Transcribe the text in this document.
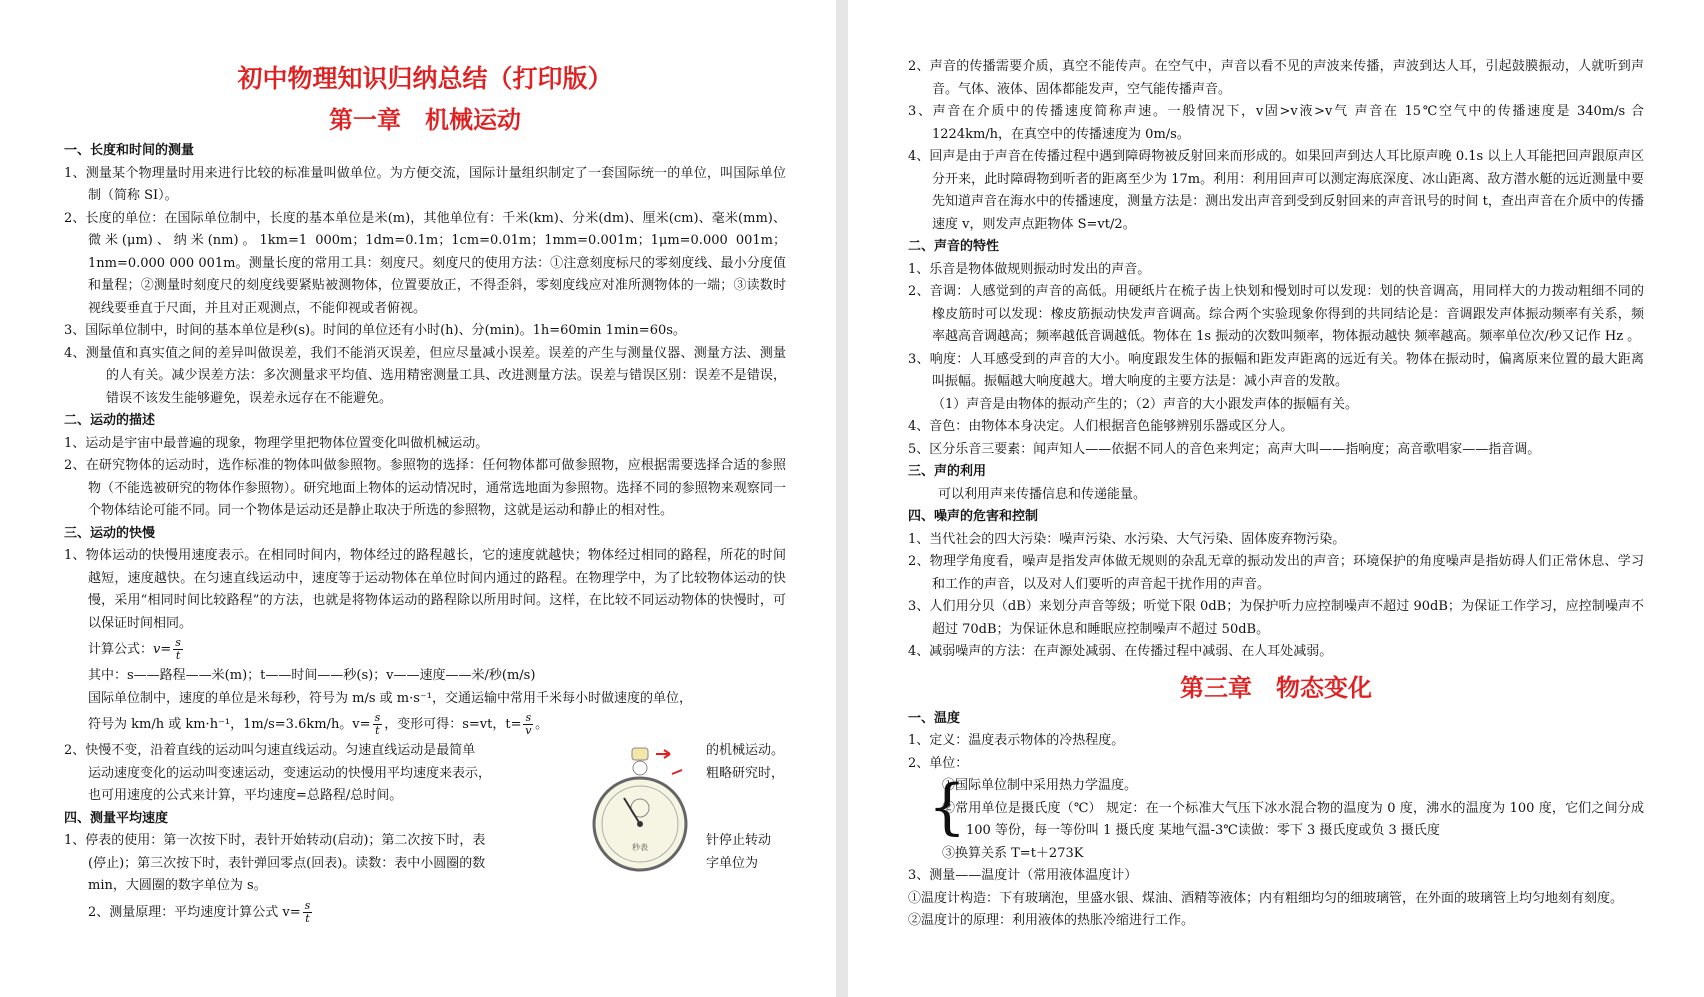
初中物理知识归纳总结（打印版）
第一章　机械运动
一、长度和时间的测量
1、测量某个物理量时用来进行比较的标准量叫做单位。为方便交流，国际计量组织制定了一套国际统一的单位，叫国际单位制（简称 SI）。
2、长度的单位：在国际单位制中，长度的基本单位是米(m)，其他单位有：千米(km)、分米(dm)、厘米(cm)、毫米(mm)、微米(μm)、纳米(nm)。1km=1 000m；1dm=0.1m；1cm=0.01m；1mm=0.001m；1μm=0.000 001m；1nm=0.000 000 001m。测量长度的常用工具：刻度尺。刻度尺的使用方法：①注意刻度标尺的零刻度线、最小分度值和量程；②测量时刻度尺的刻度线要紧贴被测物体，位置要放正，不得歪斜，零刻度线应对准所测物体的一端；③读数时视线要垂直于尺面，并且对正观测点，不能仰视或者俯视。
3、国际单位制中，时间的基本单位是秒(s)。时间的单位还有小时(h)、分(min)。1h=60min 1min=60s。
4、测量值和真实值之间的差异叫做误差，我们不能消灭误差，但应尽量减小误差。误差的产生与测量仪器、测量方法、测量的人有关。减少误差方法：多次测量求平均值、选用精密测量工具、改进测量方法。误差与错误区别：误差不是错误，错误不该发生能够避免，误差永远存在不能避免。
二、运动的描述
1、运动是宇宙中最普遍的现象，物理学里把物体位置变化叫做机械运动。
2、在研究物体的运动时，选作标准的物体叫做参照物。参照物的选择：任何物体都可做参照物，应根据需要选择合适的参照物（不能选被研究的物体作参照物）。研究地面上物体的运动情况时，通常选地面为参照物。选择不同的参照物来观察同一个物体结论可能不同。同一个物体是运动还是静止取决于所选的参照物，这就是运动和静止的相对性。
三、运动的快慢
1、物体运动的快慢用速度表示。在相同时间内，物体经过的路程越长，它的速度就越快；物体经过相同的路程，所花的时间越短，速度越快。在匀速直线运动中，速度等于运动物体在单位时间内通过的路程。在物理学中，为了比较物体运动的快慢，采用“相同时间比较路程”的方法，也就是将物体运动的路程除以所用时间。这样，在比较不同运动物体的快慢时，可以保证时间相同。
计算公式：$v= \frac{s}{t}$
其中：s——路程——米(m)；t——时间——秒(s)；v——速度——米/秒(m/s)
国际单位制中，速度的单位是米每秒，符号为 m/s 或 m·s⁻¹，交通运输中常用千米每小时做速度的单位，
符号为 km/h 或 km·h⁻¹，1m/s=3.6km/h。$v= \frac{s}{t}$ ，变形可得：s=vt，$t= \frac{s}{v}$ 。
2、快慢不变，沿着直线的运动叫匀速直线运动。匀速直线运动是最简单
运动速度变化的运动叫变速运动，变速运动的快慢用平均速度来表示，
也可用速度的公式来计算，平均速度=总路程/总时间。
四、测量平均速度
1、停表的使用：第一次按下时，表针开始转动(启动)；第二次按下时，表
(停止)；第三次按下时，表针弹回零点(回表)。读数：表中小圆圈的数
min，大圆圈的数字单位为 s。
秒表
的机械运动。
粗略研究时，
针停止转动
字单位为
2、测量原理：平均速度计算公式 $v= \frac{s}{t}$
2、声音的传播需要介质，真空不能传声。在空气中，声音以看不见的声波来传播，声波到达人耳，引起鼓膜振动，人就听到声音。气体、液体、固体都能发声，空气能传播声音。
3、声音在介质中的传播速度简称声速。一般情况下，v固>v液>v气 声音在 15℃空气中的传播速度是 340m/s 合 1224km/h，在真空中的传播速度为 0m/s。
4、回声是由于声音在传播过程中遇到障碍物被反射回来而形成的。如果回声到达人耳比原声晚 0.1s 以上人耳能把回声跟原声区分开来，此时障碍物到听者的距离至少为 17m。利用：利用回声可以测定海底深度、冰山距离、敌方潜水艇的远近测量中要先知道声音在海水中的传播速度，测量方法是：测出发出声音到受到反射回来的声音讯号的时间 t，查出声音在介质中的传播速度 v，则发声点距物体 S=vt/2。
二、声音的特性
1、乐音是物体做规则振动时发出的声音。
2、音调：人感觉到的声音的高低。用硬纸片在梳子齿上快划和慢划时可以发现：划的快音调高，用同样大的力拨动粗细不同的橡皮筋时可以发现：橡皮筋振动快发声音调高。综合两个实验现象你得到的共同结论是：音调跟发声体振动频率有关系，频率越高音调越高；频率越低音调越低。物体在 1s 振动的次数叫频率，物体振动越快 频率越高。频率单位次/秒又记作 Hz 。
3、响度：人耳感受到的声音的大小。响度跟发生体的振幅和距发声距离的远近有关。物体在振动时，偏离原来位置的最大距离叫振幅。振幅越大响度越大。增大响度的主要方法是：减小声音的发散。
（1）声音是由物体的振动产生的；（2）声音的大小跟发声体的振幅有关。
4、音色：由物体本身决定。人们根据音色能够辨别乐器或区分人。
5、区分乐音三要素：闻声知人——依据不同人的音色来判定；高声大叫——指响度；高音歌唱家——指音调。
三、声的利用
可以利用声来传播信息和传递能量。
四、噪声的危害和控制
1、当代社会的四大污染：噪声污染、水污染、大气污染、固体废弃物污染。
2、物理学角度看，噪声是指发声体做无规则的杂乱无章的振动发出的声音；环境保护的角度噪声是指妨碍人们正常休息、学习和工作的声音，以及对人们要听的声音起干扰作用的声音。
3、人们用分贝（dB）来划分声音等级；听觉下限 0dB；为保护听力应控制噪声不超过 90dB；为保证工作学习，应控制噪声不超过 70dB；为保证休息和睡眠应控制噪声不超过 50dB。
4、减弱噪声的方法：在声源处减弱、在传播过程中减弱、在人耳处减弱。
第三章　物态变化
一、温度
1、定义：温度表示物体的冷热程度。
2、单位：
{
①国际单位制中采用热力学温度。
②常用单位是摄氏度（℃） 规定：在一个标准大气压下冰水混合物的温度为 0 度，沸水的温度为 100 度，它们之间分成 100 等份，每一等份叫 1 摄氏度 某地气温-3℃读做：零下 3 摄氏度或负 3 摄氏度
③换算关系 T=t＋273K
3、测量——温度计（常用液体温度计）
①温度计构造：下有玻璃泡，里盛水银、煤油、酒精等液体；内有粗细均匀的细玻璃管，在外面的玻璃管上均匀地刻有刻度。
②温度计的原理：利用液体的热胀冷缩进行工作。
